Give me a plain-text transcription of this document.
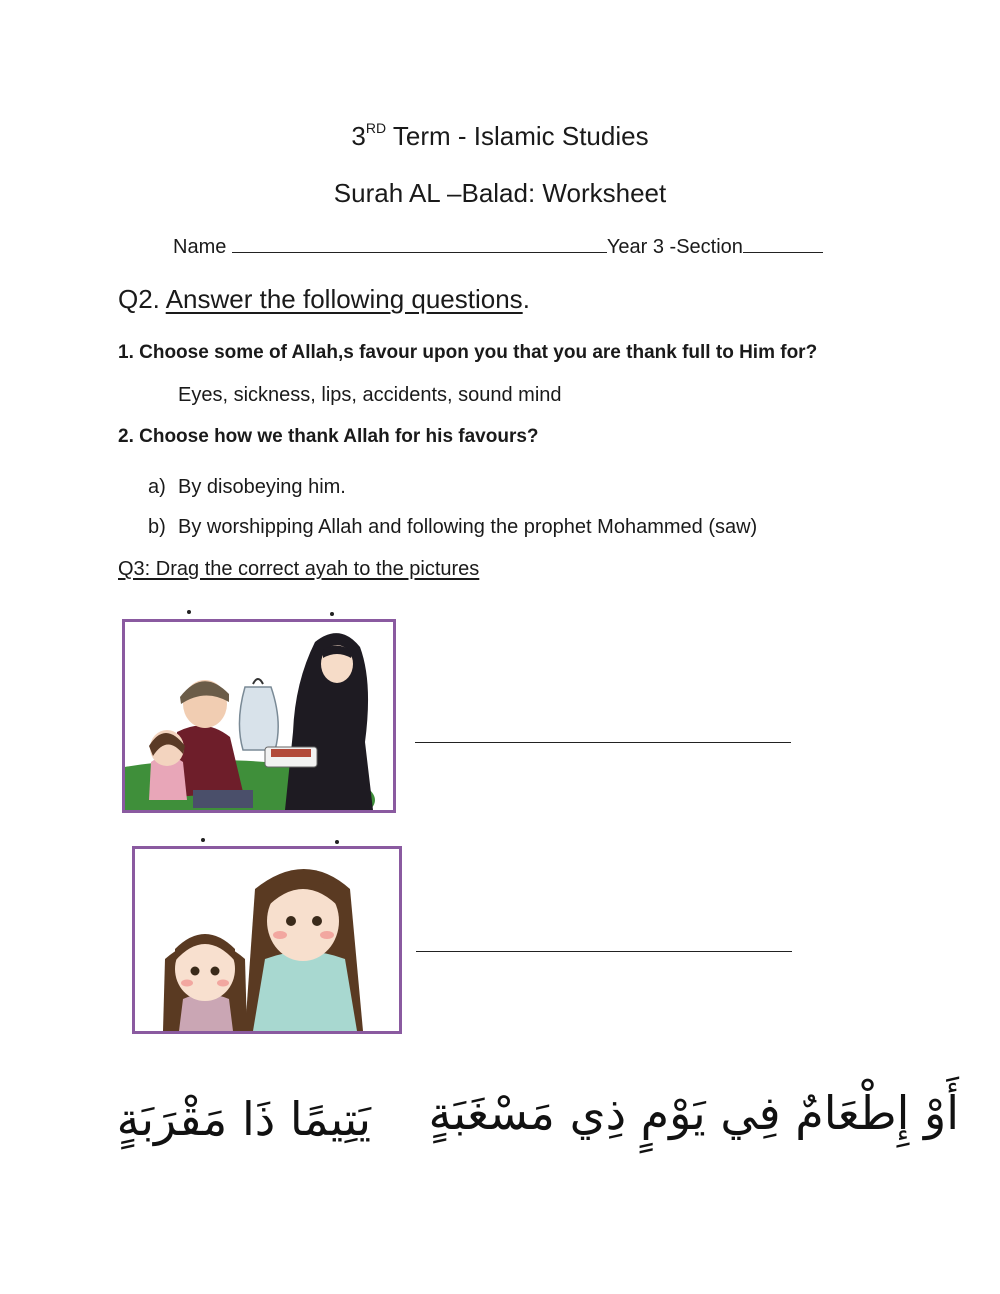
3RD Term - Islamic Studies
Surah AL –Balad: Worksheet
Name	Year 3 -Section
Q2. Answer the following questions.
1. Choose some of Allah,s favour upon you that you are thank full to Him for?
Eyes, sickness, lips, accidents, sound mind
2. Choose how we thank Allah for his favours?
a) By disobeying him.
b) By worshipping Allah and following the prophet Mohammed (saw)
Q3: Drag the correct ayah to the pictures
يَتِيمًا ذَا مَقْرَبَةٍ أَوْ إِطْعَامٌ فِي يَوْمٍ ذِي مَسْغَبَةٍ
